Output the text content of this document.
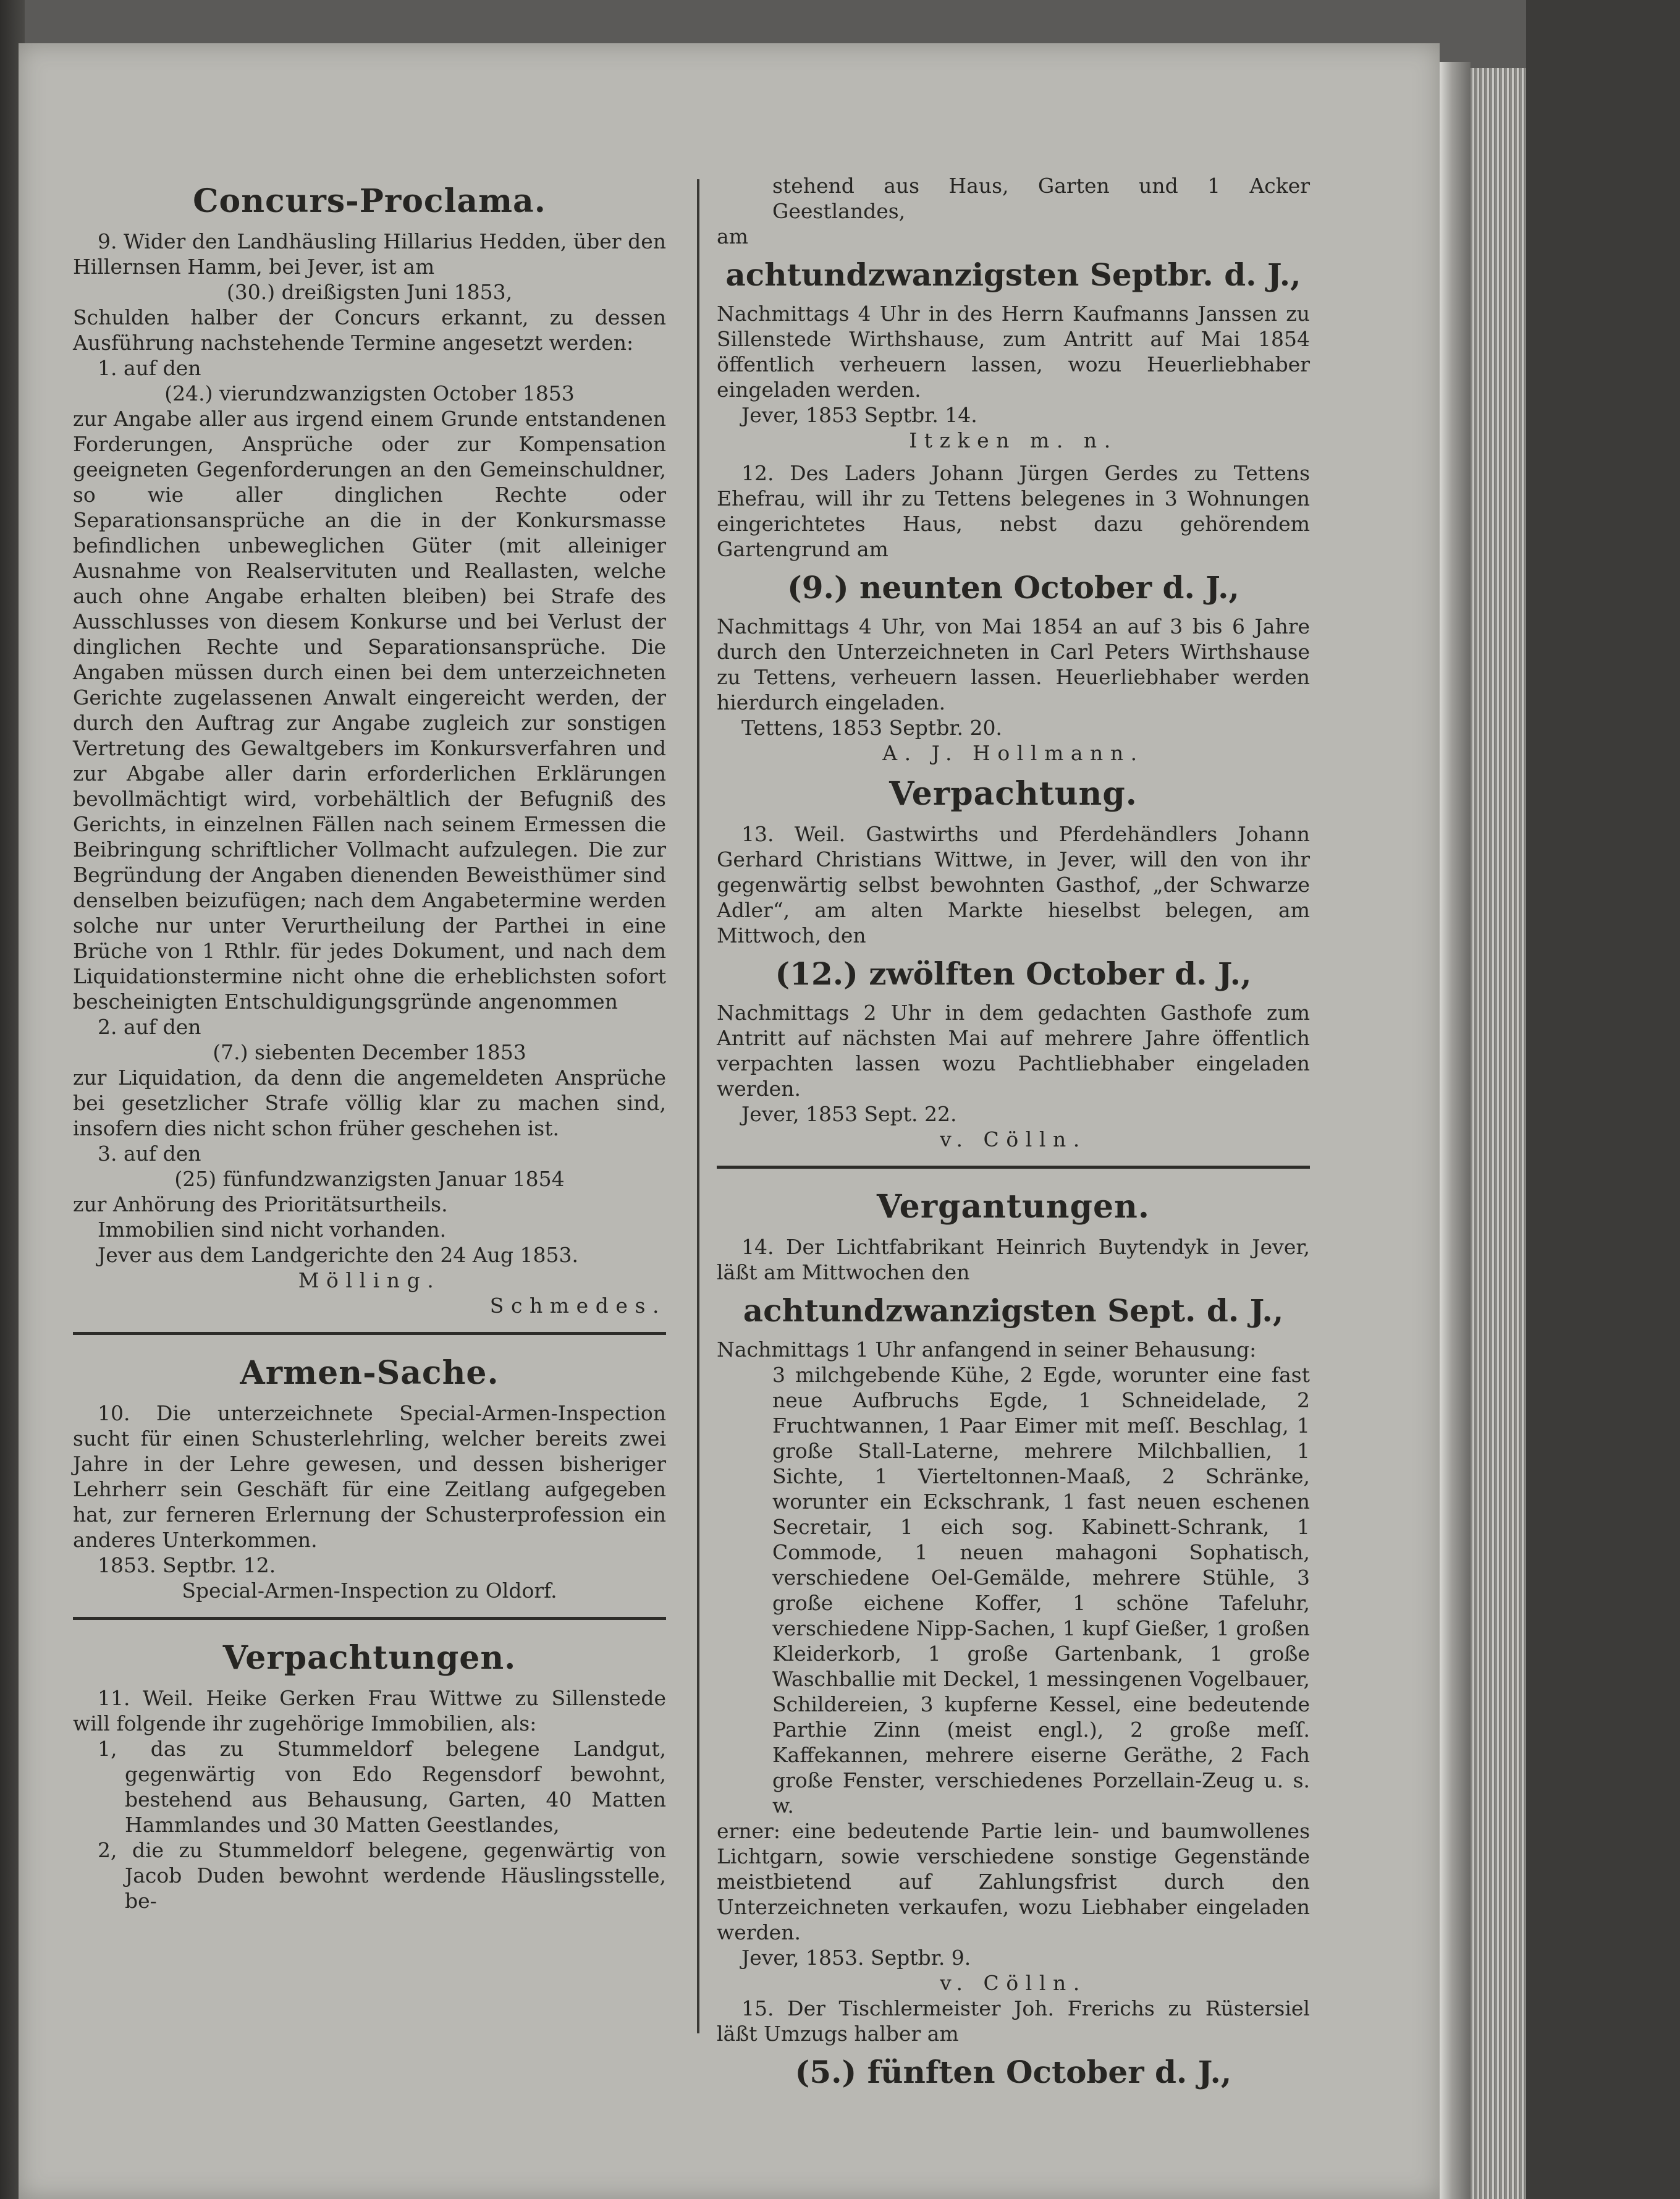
Concurs-Proclama.

9. Wider den Landhäusling Hillarius Hedden, über den Hillernsen Hamm, bei Jever, ist am

(30.) dreißigsten Juni 1853,

Schulden halber der Concurs erkannt, zu dessen Ausführung nachstehende Termine angesetzt werden:

1. auf den

(24.) vierundzwanzigsten October 1853

zur Angabe aller aus irgend einem Grunde entstandenen Forderungen, Ansprüche oder zur Kompensation geeigneten Gegenforderungen an den Gemeinschuldner, so wie aller dinglichen Rechte oder Separationsansprüche an die in der Konkursmasse befindlichen unbeweglichen Güter (mit alleiniger Ausnahme von Realservituten und Reallasten, welche auch ohne Angabe erhalten bleiben) bei Strafe des Ausschlusses von diesem Konkurse und bei Verlust der dinglichen Rechte und Separationsansprüche. Die Angaben müssen durch einen bei dem unterzeichneten Gerichte zugelassenen Anwalt eingereicht werden, der durch den Auftrag zur Angabe zugleich zur sonstigen Vertretung des Gewaltgebers im Konkursverfahren und zur Abgabe aller darin erforderlichen Erklärungen bevollmächtigt wird, vorbehältlich der Befugniß des Gerichts, in einzelnen Fällen nach seinem Ermessen die Beibringung schriftlicher Vollmacht aufzulegen. Die zur Begründung der Angaben dienenden Beweisthümer sind denselben beizufügen; nach dem Angabetermine werden solche nur unter Verurtheilung der Parthei in eine Brüche von 1 Rthlr. für jedes Dokument, und nach dem Liquidationstermine nicht ohne die erheblichsten sofort bescheinigten Entschuldigungsgründe angenommen

2. auf den

(7.) siebenten December 1853

zur Liquidation, da denn die angemeldeten Ansprüche bei gesetzlicher Strafe völlig klar zu machen sind, insofern dies nicht schon früher geschehen ist.

3. auf den

(25) fünfundzwanzigsten Januar 1854

zur Anhörung des Prioritätsurtheils.

Immobilien sind nicht vorhanden.

Jever aus dem Landgerichte den 24 Aug 1853.

Mölling.

Schmedes.

Armen-Sache.

10. Die unterzeichnete Special-Armen-Inspection sucht für einen Schusterlehrling, welcher bereits zwei Jahre in der Lehre gewesen, und dessen bisheriger Lehrherr sein Geschäft für eine Zeitlang aufgegeben hat, zur ferneren Erlernung der Schusterprofession ein anderes Unterkommen.

1853. Septbr. 12.

Special-Armen-Inspection zu Oldorf.

Verpachtungen.

11. Weil. Heike Gerken Frau Wittwe zu Sillenstede will folgende ihr zugehörige Immobilien, als:

1, das zu Stummeldorf belegene Landgut, gegenwärtig von Edo Regensdorf bewohnt, bestehend aus Behausung, Garten, 40 Matten Hammlandes und 30 Matten Geestlandes,

2, die zu Stummeldorf belegene, gegenwärtig von Jacob Duden bewohnt werdende Häuslingsstelle, be-

stehend aus Haus, Garten und 1 Acker Geestlandes,

am

achtundzwanzigsten Septbr. d. J.,

Nachmittags 4 Uhr in des Herrn Kaufmanns Janssen zu Sillenstede Wirthshause, zum Antritt auf Mai 1854 öffentlich verheuern lassen, wozu Heuerliebhaber eingeladen werden.

Jever, 1853 Septbr. 14.

Itzken m. n.

12. Des Laders Johann Jürgen Gerdes zu Tettens Ehefrau, will ihr zu Tettens belegenes in 3 Wohnungen eingerichtetes Haus, nebst dazu gehörendem Gartengrund am

(9.) neunten October d. J.,

Nachmittags 4 Uhr, von Mai 1854 an auf 3 bis 6 Jahre durch den Unterzeichneten in Carl Peters Wirthshause zu Tettens, verheuern lassen. Heuerliebhaber werden hierdurch eingeladen.

Tettens, 1853 Septbr. 20.

A. J. Hollmann.

Verpachtung.

13. Weil. Gastwirths und Pferdehändlers Johann Gerhard Christians Wittwe, in Jever, will den von ihr gegenwärtig selbst bewohnten Gasthof, „der Schwarze Adler“, am alten Markte hieselbst belegen, am Mittwoch, den

(12.) zwölften October d. J.,

Nachmittags 2 Uhr in dem gedachten Gasthofe zum Antritt auf nächsten Mai auf mehrere Jahre öffentlich verpachten lassen wozu Pachtliebhaber eingeladen werden.

Jever, 1853 Sept. 22.

v. Cölln.

Vergantungen.

14. Der Lichtfabrikant Heinrich Buytendyk in Jever, läßt am Mittwochen den

achtundzwanzigsten Sept. d. J.,

Nachmittags 1 Uhr anfangend in seiner Behausung:

3 milchgebende Kühe, 2 Egde, worunter eine fast neue Aufbruchs Egde, 1 Schneidelade, 2 Fruchtwannen, 1 Paar Eimer mit meſſ. Beschlag, 1 große Stall-Laterne, mehrere Milchballien, 1 Sichte, 1 Vierteltonnen-Maaß, 2 Schränke, worunter ein Eckschrank, 1 fast neuen eschenen Secretair, 1 eich sog. Kabinett-Schrank, 1 Commode, 1 neuen mahagoni Sophatisch, verschiedene Oel-Gemälde, mehrere Stühle, 3 große eichene Koffer, 1 schöne Tafeluhr, verschiedene Nipp-Sachen, 1 kupf Gießer, 1 großen Kleiderkorb, 1 große Gartenbank, 1 große Waschballie mit Deckel, 1 messingenen Vogelbauer, Schildereien, 3 kupferne Kessel, eine bedeutende Parthie Zinn (meist engl.), 2 große meſſ. Kaffekannen, mehrere eiserne Geräthe, 2 Fach große Fenster, verschiedenes Porzellain-Zeug u. s. w.

erner: eine bedeutende Partie lein- und baumwollenes Lichtgarn, sowie verschiedene sonstige Gegenstände meistbietend auf Zahlungsfrist durch den Unterzeichneten verkaufen, wozu Liebhaber eingeladen werden.

Jever, 1853. Septbr. 9.

v. Cölln.

15. Der Tischlermeister Joh. Frerichs zu Rüstersiel läßt Umzugs halber am

(5.) fünften October d. J.,
